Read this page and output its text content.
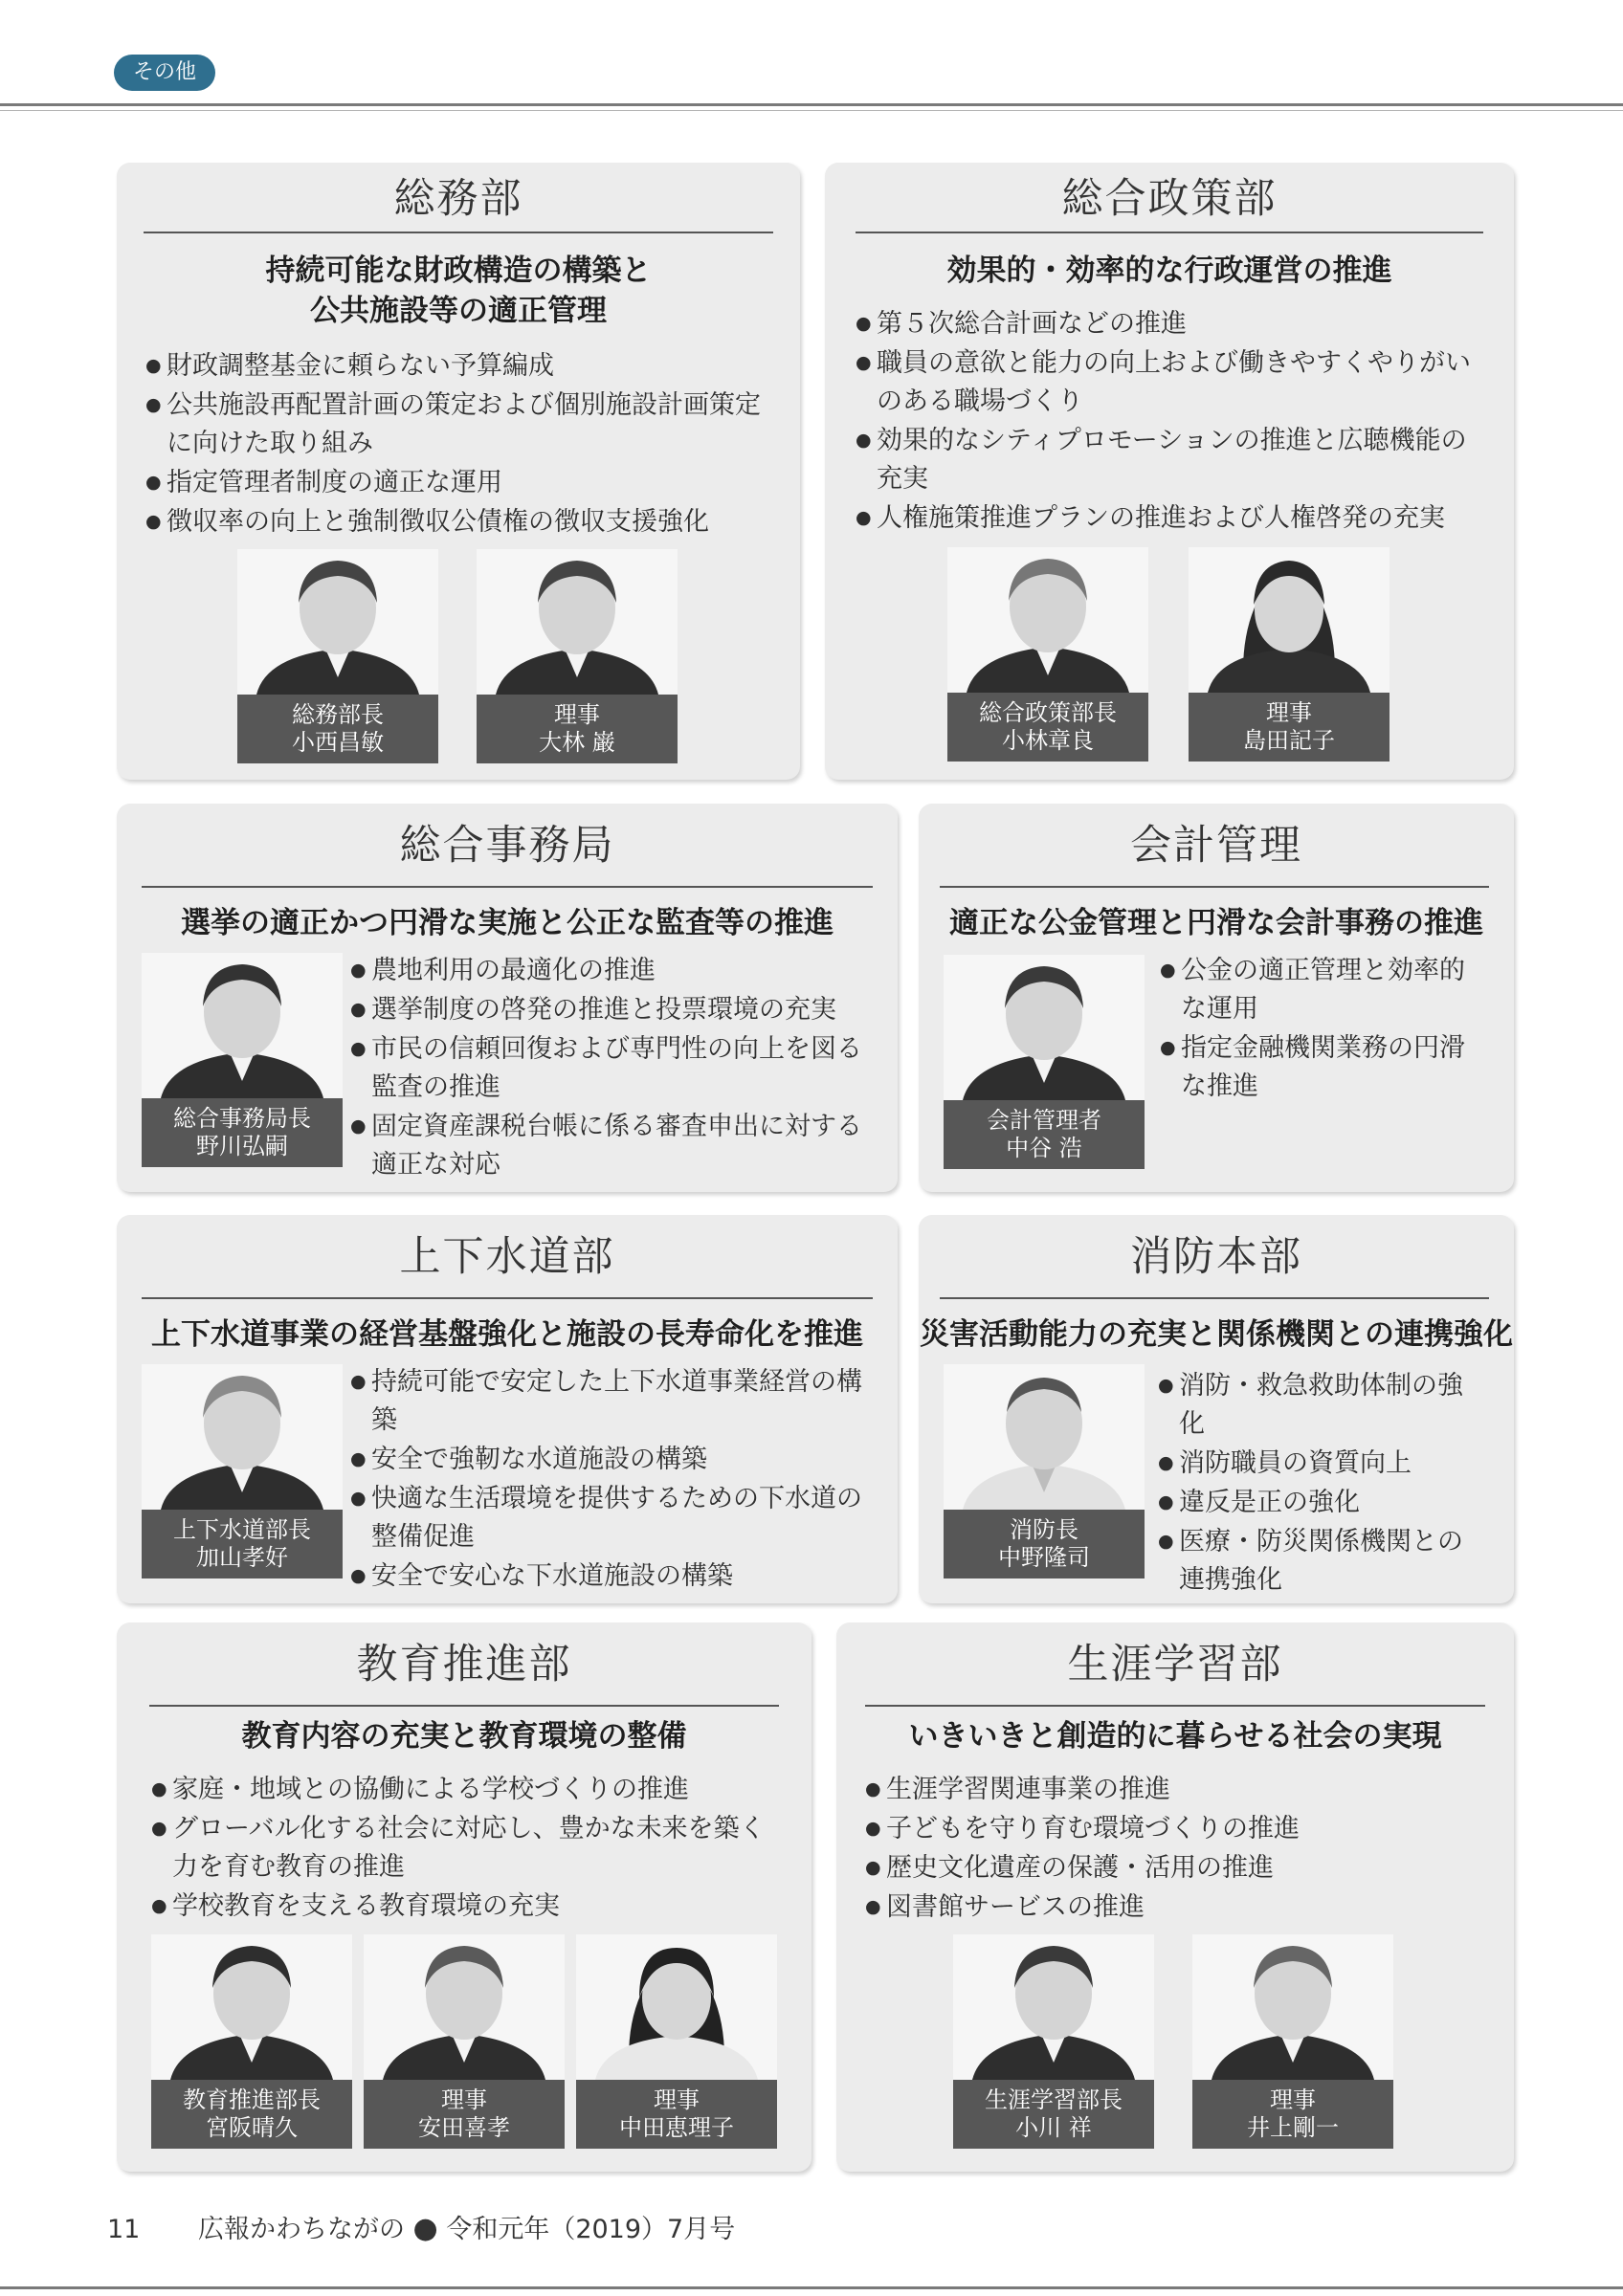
その他
総務部
持続可能な財政構造の構築と
公共施設等の適正管理
● 財政調整基金に頼らない予算編成
● 公共施設再配置計画の策定および個別施設計画策定に向けた取り組み
● 指定管理者制度の適正な運用
● 徴収率の向上と強制徴収公債権の徴収支援強化
総務部長
小西昌敏
理事
大林 巌
総合政策部
効果的・効率的な行政運営の推進
● 第５次総合計画などの推進
● 職員の意欲と能力の向上および働きやすくやりがいのある職場づくり
● 効果的なシティプロモーションの推進と広聴機能の充実
● 人権施策推進プランの推進および人権啓発の充実
総合政策部長
小林章良
理事
島田記子
総合事務局
選挙の適正かつ円滑な実施と公正な監査等の推進
総合事務局長
野川弘嗣
● 農地利用の最適化の推進
● 選挙制度の啓発の推進と投票環境の充実
● 市民の信頼回復および専門性の向上を図る監査の推進
● 固定資産課税台帳に係る審査申出に対する適正な対応
会計管理
適正な公金管理と円滑な会計事務の推進
会計管理者
中谷 浩
● 公金の適正管理と効率的な運用
● 指定金融機関業務の円滑な推進
上下水道部
上下水道事業の経営基盤強化と施設の長寿命化を推進
上下水道部長
加山孝好
● 持続可能で安定した上下水道事業経営の構築
● 安全で強靭な水道施設の構築
● 快適な生活環境を提供するための下水道の整備促進
● 安全で安心な下水道施設の構築
消防本部
災害活動能力の充実と関係機関との連携強化
消防長
中野隆司
● 消防・救急救助体制の強化
● 消防職員の資質向上
● 違反是正の強化
● 医療・防災関係機関との連携強化
教育推進部
教育内容の充実と教育環境の整備
● 家庭・地域との協働による学校づくりの推進
● グローバル化する社会に対応し、豊かな未来を築く力を育む教育の推進
● 学校教育を支える教育環境の充実
教育推進部長
宮阪晴久
理事
安田喜孝
理事
中田恵理子
生涯学習部
いきいきと創造的に暮らせる社会の実現
● 生涯学習関連事業の推進
● 子どもを守り育む環境づくりの推進
● 歴史文化遺産の保護・活用の推進
● 図書館サービスの推進
生涯学習部長
小川 祥
理事
井上剛一
11 広報かわちながの ● 令和元年（2019）7月号
